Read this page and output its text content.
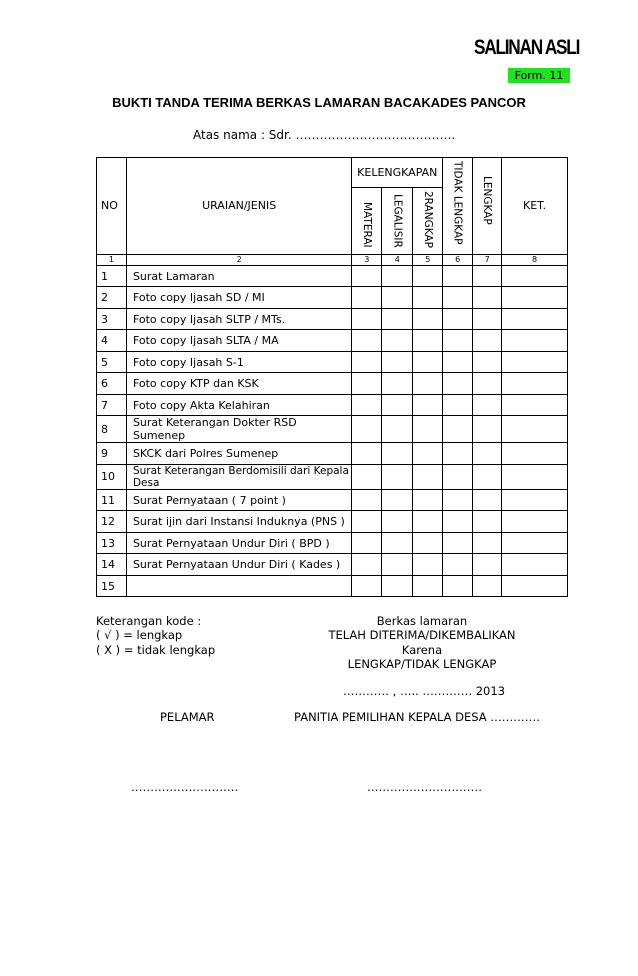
SALINAN ASLI
Form. 11
BUKTI TANDA TERIMA BERKAS LAMARAN BACAKADES PANCOR
Atas nama : Sdr. ………………………………….
NO	URAIAN/JENIS	KELENGKAPAN			TIDAK LENGKAP	LENGKAP	KET.
		MATERAI	LEGALISIR	2RANGKAP			
1	2	3	4	5	6	7	8
1	Surat Lamaran						
2	Foto copy Ijasah SD / MI						
3	Foto copy Ijasah SLTP / MTs.						
4	Foto copy Ijasah SLTA / MA						
5	Foto copy Ijasah S-1						
6	Foto copy KTP dan KSK						
7	Foto copy Akta Kelahiran						
8	Surat Keterangan Dokter RSD Sumenep						
9	SKCK dari Polres Sumenep						
10	Surat Keterangan Berdomisili dari Kepala Desa						
11	Surat Pernyataan ( 7 point )						
12	Surat ijin dari Instansi Induknya (PNS )						
13	Surat Pernyataan Undur Diri ( BPD )						
14	Surat Pernyataan Undur Diri ( Kades )						
15							
Keterangan kode :
( √ ) = lengkap
( X ) = tidak lengkap
Berkas lamaran
TELAH DITERIMA/DIKEMBALIKAN
Karena
LENGKAP/TIDAK LENGKAP
………… , ….. …………. 2013
PELAMAR	PANITIA PEMILIHAN KEPALA DESA ………….
……………………….	…………………………
